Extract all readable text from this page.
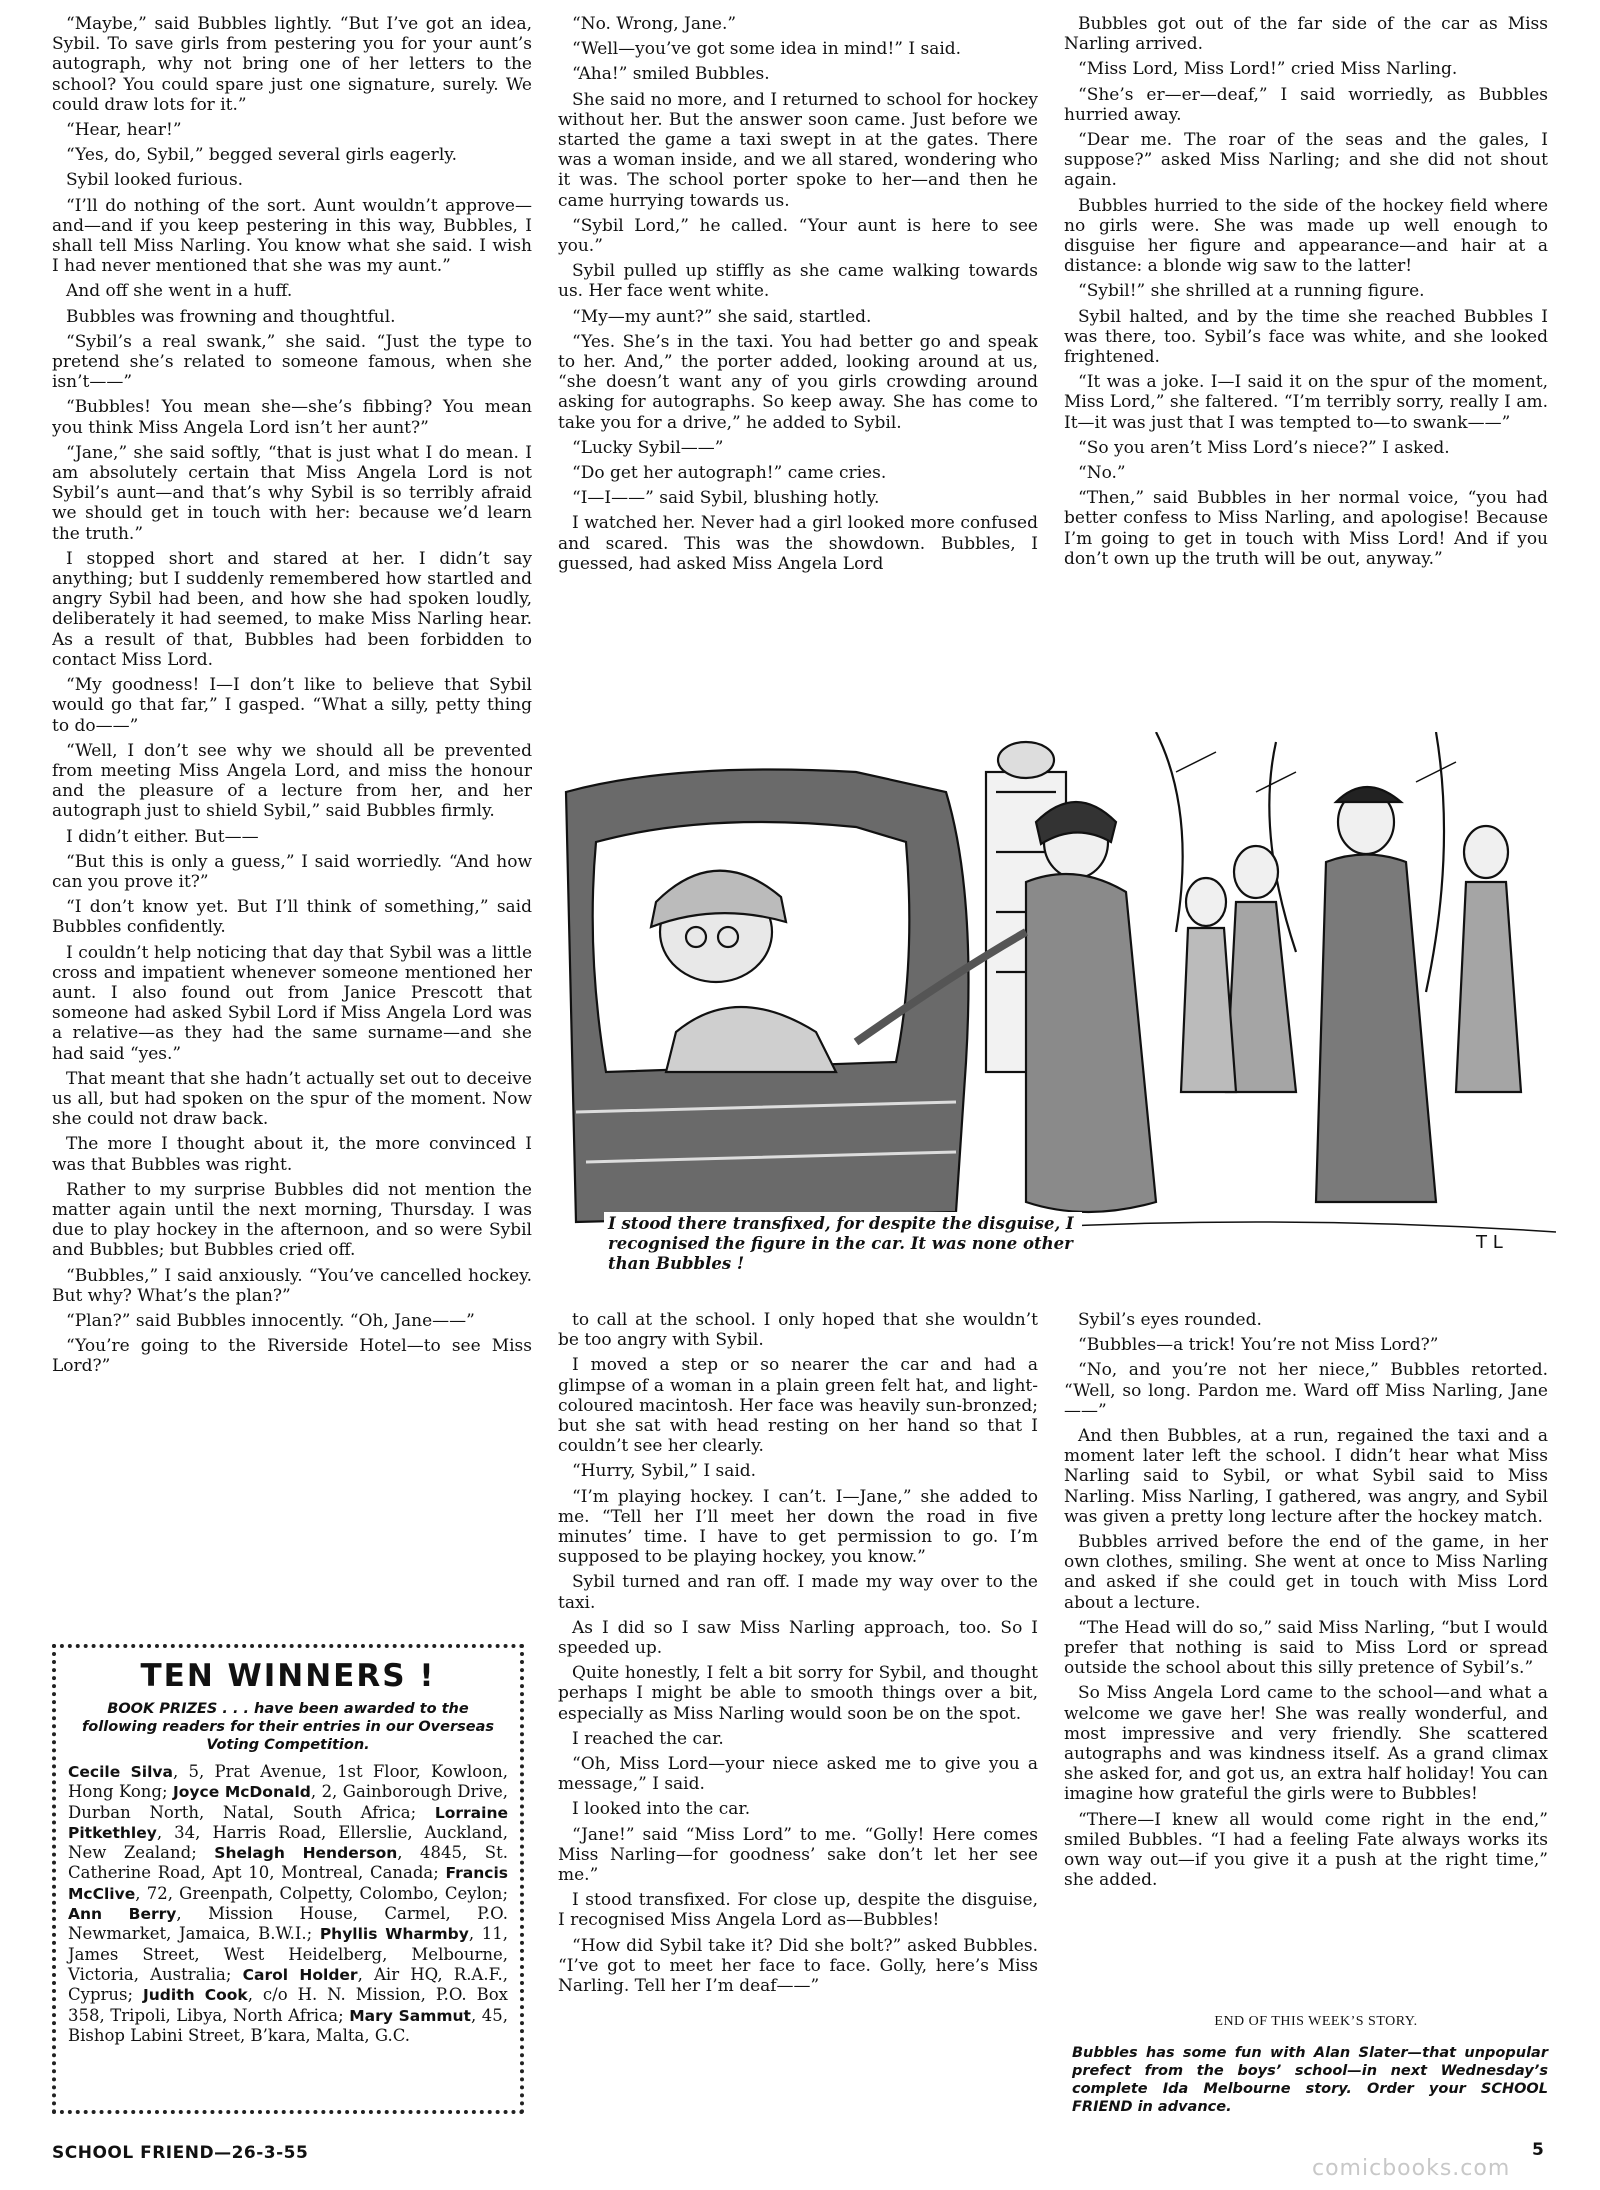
“Maybe,” said Bubbles lightly. “But I’ve got an idea, Sybil. To save girls from pestering you for your aunt’s autograph, why not bring one of her letters to the school? You could spare just one signature, surely. We could draw lots for it.”

“Hear, hear!”

“Yes, do, Sybil,” begged several girls eagerly.

Sybil looked furious.

“I’ll do nothing of the sort. Aunt wouldn’t approve—and—and if you keep pestering in this way, Bubbles, I shall tell Miss Narling. You know what she said. I wish I had never mentioned that she was my aunt.”

And off she went in a huff.

Bubbles was frowning and thoughtful.

“Sybil’s a real swank,” she said. “Just the type to pretend she’s related to someone famous, when she isn’t——”

“Bubbles! You mean she—she’s fibbing? You mean you think Miss Angela Lord isn’t her aunt?”

“Jane,” she said softly, “that is just what I do mean. I am absolutely certain that Miss Angela Lord is not Sybil’s aunt—and that’s why Sybil is so terribly afraid we should get in touch with her: because we’d learn the truth.”

I stopped short and stared at her. I didn’t say anything; but I suddenly remembered how startled and angry Sybil had been, and how she had spoken loudly, deliberately it had seemed, to make Miss Narling hear. As a result of that, Bubbles had been forbidden to contact Miss Lord.

“My goodness! I—I don’t like to believe that Sybil would go that far,” I gasped. “What a silly, petty thing to do——”

“Well, I don’t see why we should all be prevented from meeting Miss Angela Lord, and miss the honour and the pleasure of a lecture from her, and her autograph just to shield Sybil,” said Bubbles firmly.

I didn’t either. But——

“But this is only a guess,” I said worriedly. “And how can you prove it?”

“I don’t know yet. But I’ll think of something,” said Bubbles confidently.

I couldn’t help noticing that day that Sybil was a little cross and impatient whenever someone mentioned her aunt. I also found out from Janice Prescott that someone had asked Sybil Lord if Miss Angela Lord was a relative—as they had the same surname—and she had said “yes.”

That meant that she hadn’t actually set out to deceive us all, but had spoken on the spur of the moment. Now she could not draw back.

The more I thought about it, the more convinced I was that Bubbles was right.

Rather to my surprise Bubbles did not mention the matter again until the next morning, Thursday. I was due to play hockey in the afternoon, and so were Sybil and Bubbles; but Bubbles cried off.

“Bubbles,” I said anxiously. “You’ve cancelled hockey. But why? What’s the plan?”

“Plan?” said Bubbles innocently. “Oh, Jane——”

“You’re going to the Riverside Hotel—to see Miss Lord?”

“No. Wrong, Jane.”

“Well—you’ve got some idea in mind!” I said.

“Aha!” smiled Bubbles.

She said no more, and I returned to school for hockey without her. But the answer soon came. Just before we started the game a taxi swept in at the gates. There was a woman inside, and we all stared, wondering who it was. The school porter spoke to her—and then he came hurrying towards us.

“Sybil Lord,” he called. “Your aunt is here to see you.”

Sybil pulled up stiffly as she came walking towards us. Her face went white.

“My—my aunt?” she said, startled.

“Yes. She’s in the taxi. You had better go and speak to her. And,” the porter added, looking around at us, “she doesn’t want any of you girls crowding around asking for autographs. So keep away. She has come to take you for a drive,” he added to Sybil.

“Lucky Sybil——”

“Do get her autograph!” came cries.

“I—I——” said Sybil, blushing hotly.

I watched her. Never had a girl looked more confused and scared. This was the showdown. Bubbles, I guessed, had asked Miss Angela Lord

Bubbles got out of the far side of the car as Miss Narling arrived.

“Miss Lord, Miss Lord!” cried Miss Narling.

“She’s er—er—deaf,” I said worriedly, as Bubbles hurried away.

“Dear me. The roar of the seas and the gales, I suppose?” asked Miss Narling; and she did not shout again.

Bubbles hurried to the side of the hockey field where no girls were. She was made up well enough to disguise her figure and appearance—and hair at a distance: a blonde wig saw to the latter!

“Sybil!” she shrilled at a running figure.

Sybil halted, and by the time she reached Bubbles I was there, too. Sybil’s face was white, and she looked frightened.

“It was a joke. I—I said it on the spur of the moment, Miss Lord,” she faltered. “I’m terribly sorry, really I am. It—it was just that I was tempted to—to swank——”

“So you aren’t Miss Lord’s niece?” I asked.

“No.”

“Then,” said Bubbles in her normal voice, “you had better confess to Miss Narling, and apologise! Because I’m going to get in touch with Miss Lord! And if you don’t own up the truth will be out, anyway.”

I stood there transfixed, for despite the disguise, I recognised the figure in the car. It was none other than Bubbles !
T L

to call at the school. I only hoped that she wouldn’t be too angry with Sybil.

I moved a step or so nearer the car and had a glimpse of a woman in a plain green felt hat, and light-coloured macintosh. Her face was heavily sun-bronzed; but she sat with head resting on her hand so that I couldn’t see her clearly.

“Hurry, Sybil,” I said.

“I’m playing hockey. I can’t. I—Jane,” she added to me. “Tell her I’ll meet her down the road in five minutes’ time. I have to get permission to go. I’m supposed to be playing hockey, you know.”

Sybil turned and ran off. I made my way over to the taxi.

As I did so I saw Miss Narling approach, too. So I speeded up.

Quite honestly, I felt a bit sorry for Sybil, and thought perhaps I might be able to smooth things over a bit, especially as Miss Narling would soon be on the spot.

I reached the car.

“Oh, Miss Lord—your niece asked me to give you a message,” I said.

I looked into the car.

“Jane!” said “Miss Lord” to me. “Golly! Here comes Miss Narling—for goodness’ sake don’t let her see me.”

I stood transfixed. For close up, despite the disguise, I recognised Miss Angela Lord as—Bubbles!

“How did Sybil take it? Did she bolt?” asked Bubbles. “I’ve got to meet her face to face. Golly, here’s Miss Narling. Tell her I’m deaf——”

Sybil’s eyes rounded.

“Bubbles—a trick! You’re not Miss Lord?”

“No, and you’re not her niece,” Bubbles retorted. “Well, so long. Pardon me. Ward off Miss Narling, Jane——”

And then Bubbles, at a run, regained the taxi and a moment later left the school. I didn’t hear what Miss Narling said to Sybil, or what Sybil said to Miss Narling. Miss Narling, I gathered, was angry, and Sybil was given a pretty long lecture after the hockey match.

Bubbles arrived before the end of the game, in her own clothes, smiling. She went at once to Miss Narling and asked if she could get in touch with Miss Lord about a lecture.

“The Head will do so,” said Miss Narling, “but I would prefer that nothing is said to Miss Lord or spread outside the school about this silly pretence of Sybil’s.”

So Miss Angela Lord came to the school—and what a welcome we gave her! She was really wonderful, and most impressive and very friendly. She scattered autographs and was kindness itself. As a grand climax she asked for, and got us, an extra half holiday! You can imagine how grateful the girls were to Bubbles!

“There—I knew all would come right in the end,” smiled Bubbles. “I had a feeling Fate always works its own way out—if you give it a push at the right time,” she added.

END OF THIS WEEK’S STORY.
Bubbles has some fun with Alan Slater—that unpopular prefect from the boys’ school—in next Wednesday’s complete Ida Melbourne story. Order your SCHOOL FRIEND in advance.
TEN WINNERS !
BOOK PRIZES . . . have been awarded to the following readers for their entries in our Overseas Voting Competition.
Cecile Silva, 5, Prat Avenue, 1st Floor, Kowloon, Hong Kong; Joyce McDonald, 2, Gainborough Drive, Durban North, Natal, South Africa; Lorraine Pitkethley, 34, Harris Road, Ellerslie, Auckland, New Zealand; Shelagh Henderson, 4845, St. Catherine Road, Apt 10, Montreal, Canada; Francis McClive, 72, Greenpath, Colpetty, Colombo, Ceylon; Ann Berry, Mission House, Carmel, P.O. Newmarket, Jamaica, B.W.I.; Phyllis Wharmby, 11, James Street, West Heidelberg, Melbourne, Victoria, Australia; Carol Holder, Air HQ, R.A.F., Cyprus; Judith Cook, c/o H. N. Mission, P.O. Box 358, Tripoli, Libya, North Africa; Mary Sammut, 45, Bishop Labini Street, B’kara, Malta, G.C.
SCHOOL FRIEND—26-3-55	5
comicbooks.com
